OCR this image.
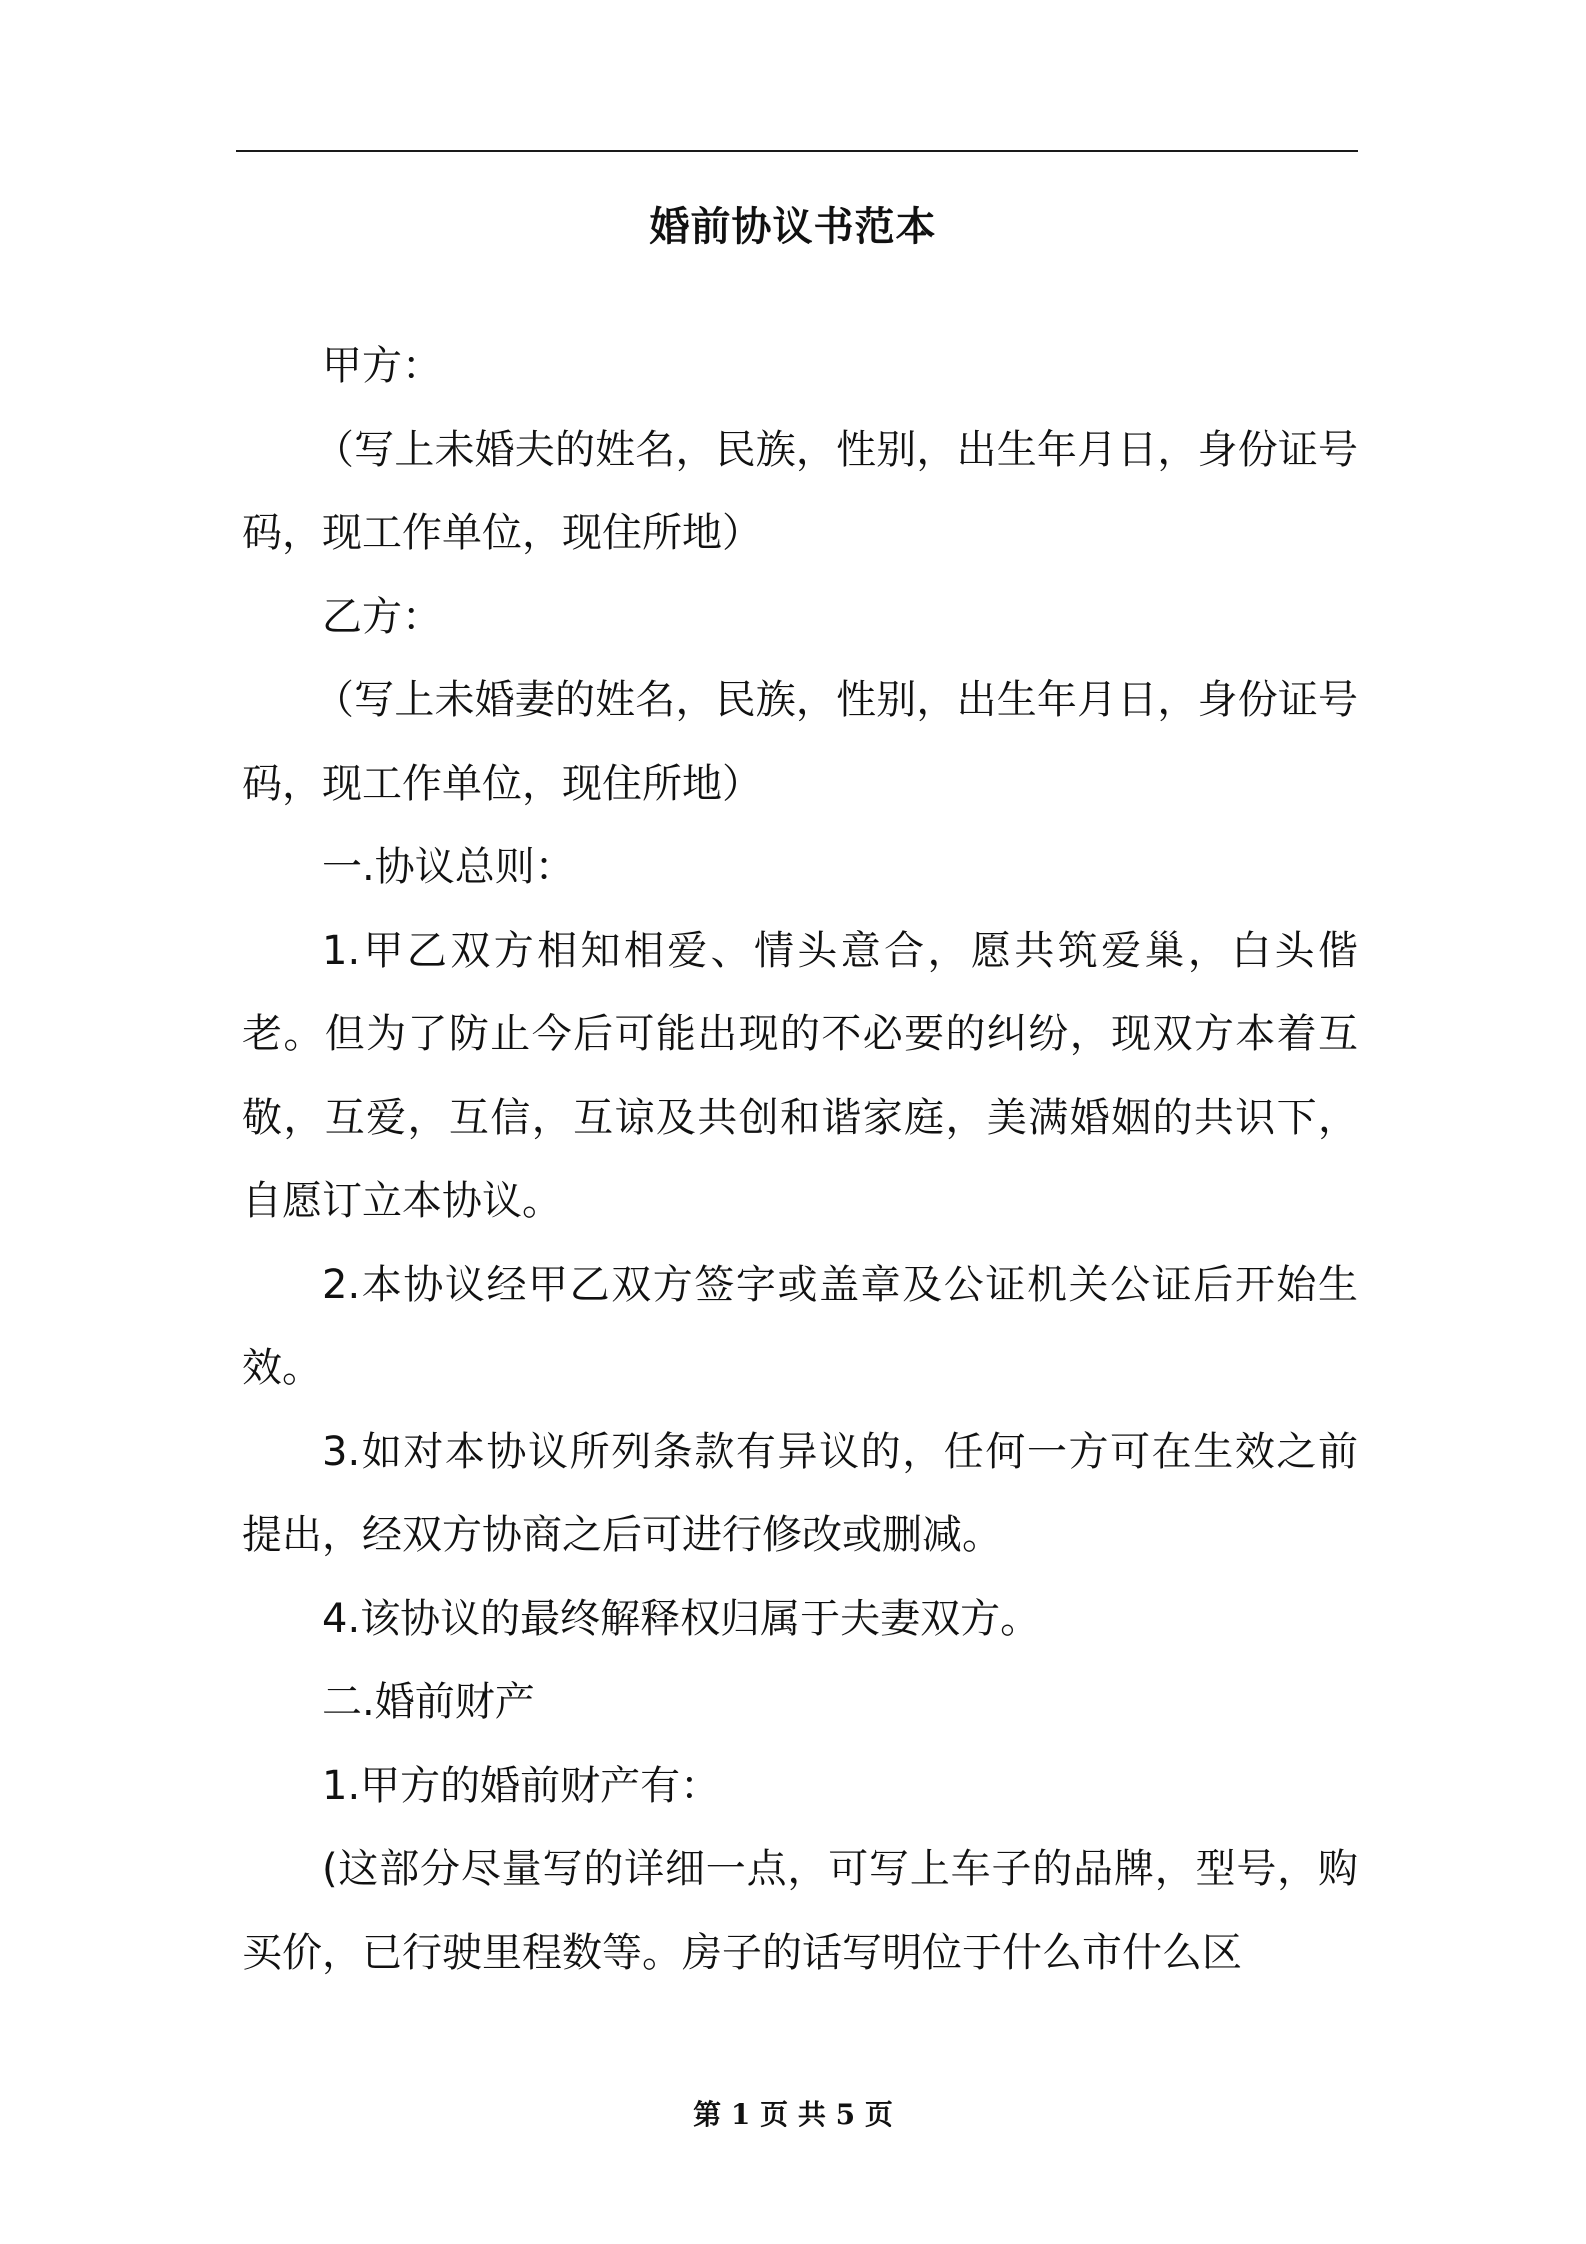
婚前协议书范本

甲方：

（写上未婚夫的姓名，民族，性别，出生年月日，身份证号码，现工作单位，现住所地）

乙方：

（写上未婚妻的姓名，民族，性别，出生年月日，身份证号码，现工作单位，现住所地）

一.协议总则：

1.甲乙双方相知相爱、情头意合，愿共筑爱巢，白头偕老。但为了防止今后可能出现的不必要的纠纷，现双方本着互敬，互爱，互信，互谅及共创和谐家庭，美满婚姻的共识下，自愿订立本协议。

2.本协议经甲乙双方签字或盖章及公证机关公证后开始生效。

3.如对本协议所列条款有异议的，任何一方可在生效之前提出，经双方协商之后可进行修改或删减。

4.该协议的最终解释权归属于夫妻双方。

二.婚前财产

1.甲方的婚前财产有：

(这部分尽量写的详细一点，可写上车子的品牌，型号，购买价，已行驶里程数等。房子的话写明位于什么市什么区

第 1 页 共 5 页
